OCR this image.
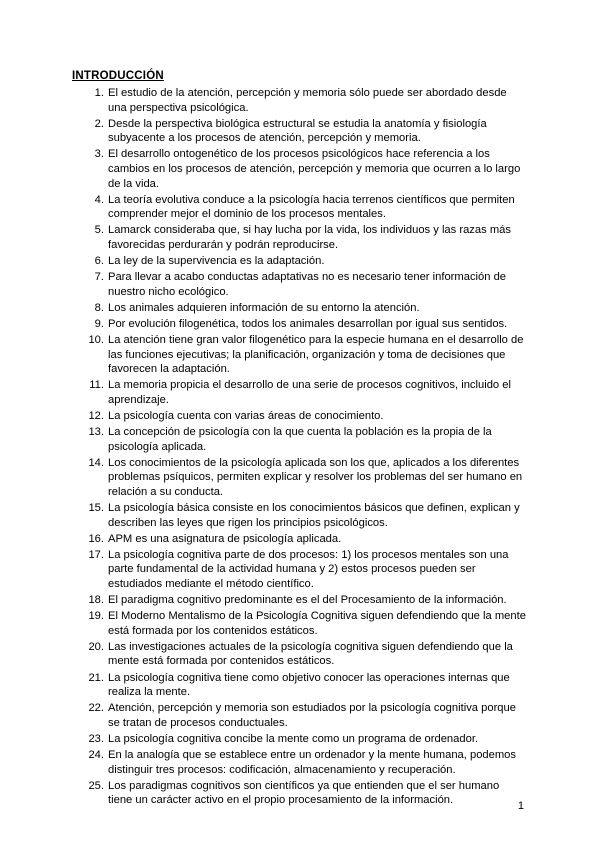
INTRODUCCIÓN
1. El estudio de la atención, percepción y memoria sólo puede ser abordado desde una perspectiva psicológica.
2. Desde la perspectiva biológica estructural se estudia la anatomía y fisiología subyacente a los procesos de atención, percepción y memoria.
3. El desarrollo ontogenético de los procesos psicológicos hace referencia a los cambios en los procesos de atención, percepción y memoria que ocurren a lo largo de la vida.
4. La teoría evolutiva conduce a la psicología hacia terrenos científicos que permiten comprender mejor el dominio de los procesos mentales.
5. Lamarck consideraba que, si hay lucha por la vida, los individuos y las razas más favorecidas perdurarán y podrán reproducirse.
6. La ley de la supervivencia es la adaptación.
7. Para llevar a acabo conductas adaptativas no es necesario tener información de nuestro nicho ecológico.
8. Los animales adquieren información de su entorno la atención.
9. Por evolución filogenética, todos los animales desarrollan por igual sus sentidos.
10. La atención tiene gran valor filogenético para la especie humana en el desarrollo de las funciones ejecutivas; la planificación, organización y toma de decisiones que favorecen la adaptación.
11. La memoria propicia el desarrollo de una serie de procesos cognitivos, incluido el aprendizaje.
12. La psicología cuenta con varias áreas de conocimiento.
13. La concepción de psicología con la que cuenta la población es la propia de la psicología aplicada.
14. Los conocimientos de la psicología aplicada son los que, aplicados a los diferentes problemas psíquicos, permiten explicar y resolver los problemas del ser humano en relación a su conducta.
15. La psicología básica consiste en los conocimientos básicos que definen, explican y describen las leyes que rigen los principios psicológicos.
16. APM es una asignatura de psicología aplicada.
17. La psicología cognitiva parte de dos procesos: 1) los procesos mentales son una parte fundamental de la actividad humana y 2) estos procesos pueden ser estudiados mediante el método científico.
18. El paradigma cognitivo predominante es el del Procesamiento de la información.
19. El Moderno Mentalismo de la Psicología Cognitiva siguen defendiendo que la mente está formada por los contenidos estáticos.
20. Las investigaciones actuales de la psicología cognitiva siguen defendiendo que la mente está formada por contenidos estáticos.
21. La psicología cognitiva tiene como objetivo conocer las operaciones internas que realiza la mente.
22. Atención, percepción y memoria son estudiados por la psicología cognitiva porque se tratan de procesos conductuales.
23. La psicología cognitiva concibe la mente como un programa de ordenador.
24. En la analogía que se establece entre un ordenador y la mente humana, podemos distinguir tres procesos: codificación, almacenamiento y recuperación.
25. Los paradigmas cognitivos son científicos ya que entienden que el ser humano tiene un carácter activo en el propio procesamiento de la información.	1
